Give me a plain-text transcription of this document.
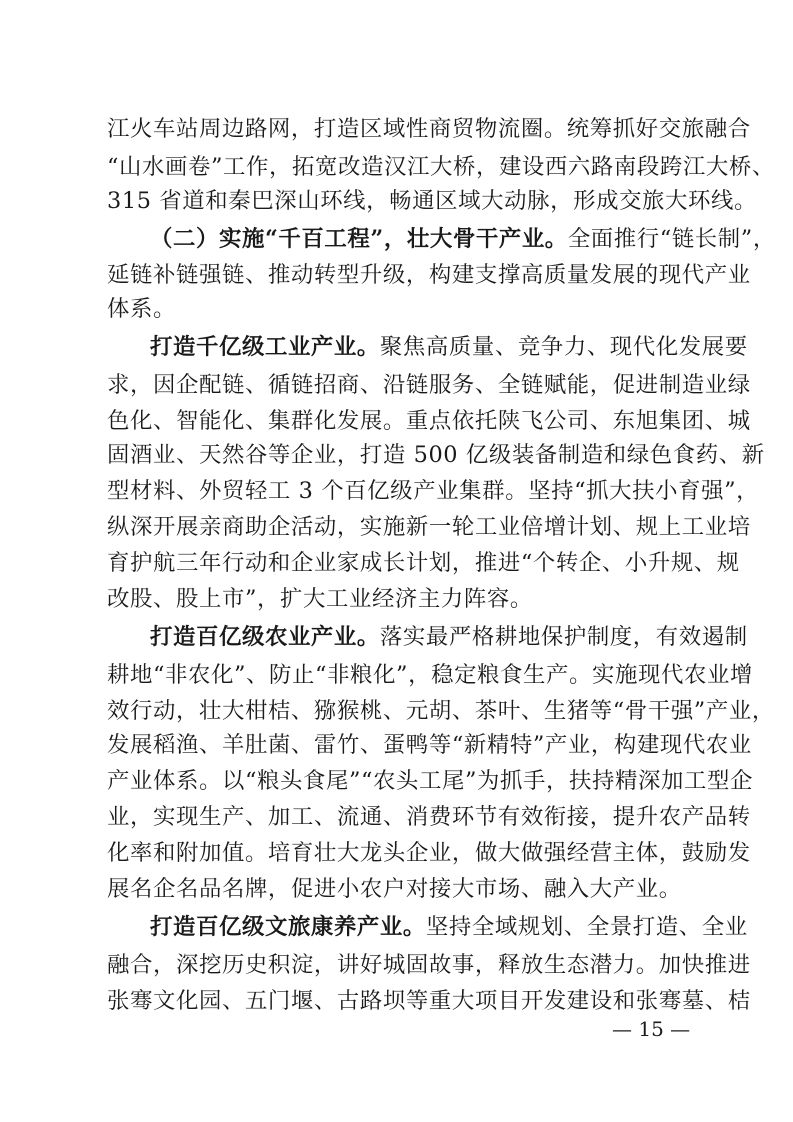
江火车站周边路网，打造区域性商贸物流圈。统筹抓好交旅融合
“山水画卷”工作，拓宽改造汉江大桥，建设西六路南段跨江大桥、
315 省道和秦巴深山环线，畅通区域大动脉，形成交旅大环线。
（二）实施“千百工程”，壮大骨干产业。全面推行“链长制”，
延链补链强链、推动转型升级，构建支撑高质量发展的现代产业
体系。
打造千亿级工业产业。聚焦高质量、竞争力、现代化发展要
求，因企配链、循链招商、沿链服务、全链赋能，促进制造业绿
色化、智能化、集群化发展。重点依托陕飞公司、东旭集团、城
固酒业、天然谷等企业，打造 500 亿级装备制造和绿色食药、新
型材料、外贸轻工 3 个百亿级产业集群。坚持“抓大扶小育强”，
纵深开展亲商助企活动，实施新一轮工业倍增计划、规上工业培
育护航三年行动和企业家成长计划，推进“个转企、小升规、规
改股、股上市”，扩大工业经济主力阵容。
打造百亿级农业产业。落实最严格耕地保护制度，有效遏制
耕地“非农化”、防止“非粮化”，稳定粮食生产。实施现代农业增
效行动，壮大柑桔、猕猴桃、元胡、茶叶、生猪等“骨干强”产业，
发展稻渔、羊肚菌、雷竹、蛋鸭等“新精特”产业，构建现代农业
产业体系。以“粮头食尾”“农头工尾”为抓手，扶持精深加工型企
业，实现生产、加工、流通、消费环节有效衔接，提升农产品转
化率和附加值。培育壮大龙头企业，做大做强经营主体，鼓励发
展名企名品名牌，促进小农户对接大市场、融入大产业。
打造百亿级文旅康养产业。坚持全域规划、全景打造、全业
融合，深挖历史积淀，讲好城固故事，释放生态潜力。加快推进
张骞文化园、五门堰、古路坝等重大项目开发建设和张骞墓、桔
— 15 —
